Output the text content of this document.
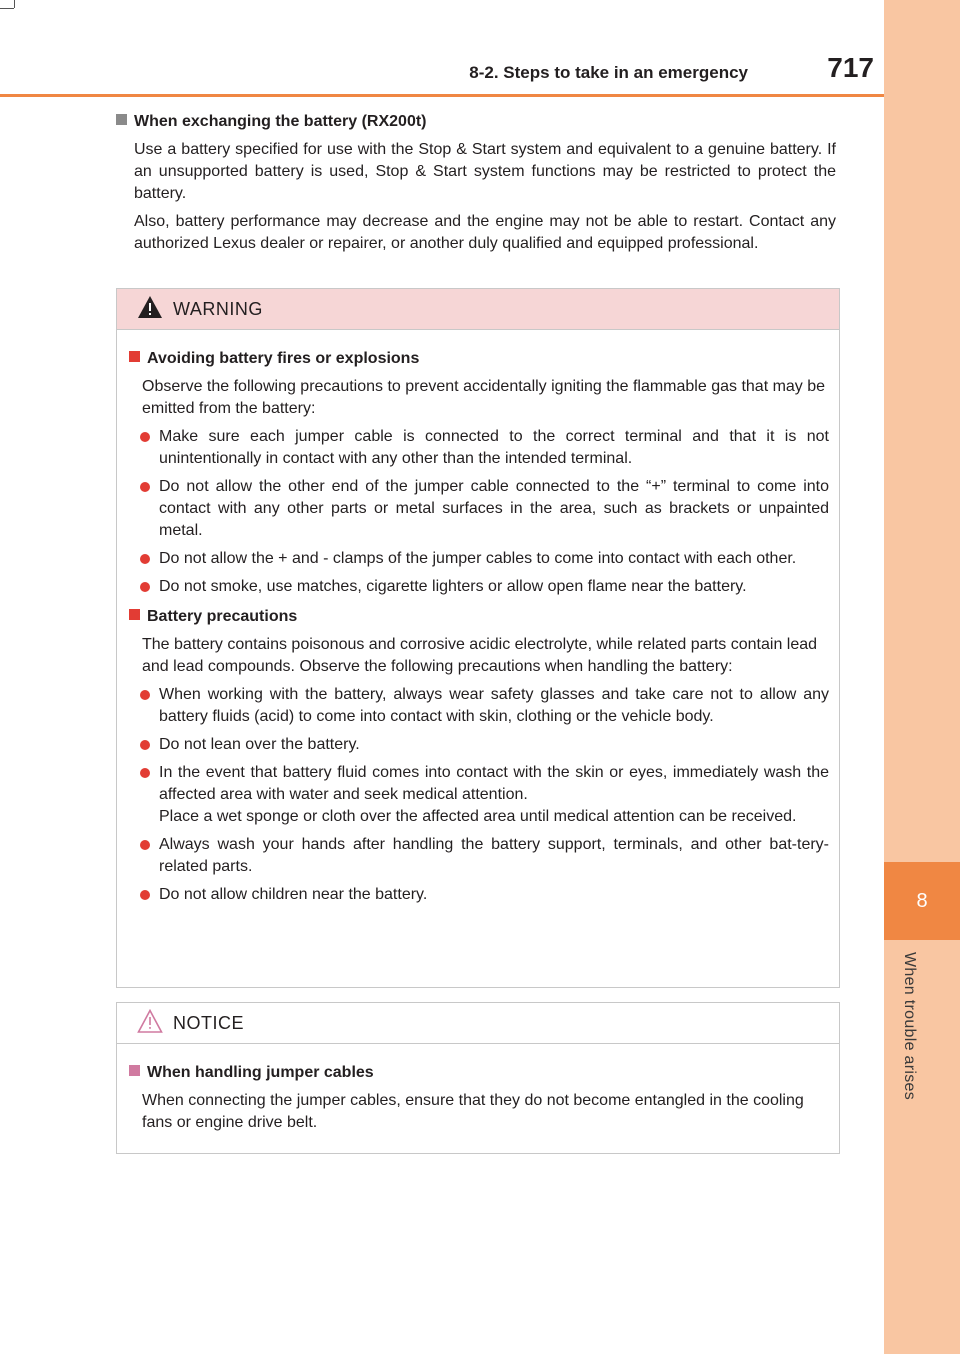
8
When trouble arises
8-2. Steps to take in an emergency	717
When exchanging the battery (RX200t)
Use a battery specified for use with the Stop & Start system and equivalent to a genuine battery. If an unsupported battery is used, Stop & Start system functions may be restricted to protect the battery.
Also, battery performance may decrease and the engine may not be able to restart. Contact any authorized Lexus dealer or repairer, or another duly qualified and equipped professional.
WARNING
Avoiding battery fires or explosions
Observe the following precautions to prevent accidentally igniting the flammable gas that may be emitted from the battery:
Make sure each jumper cable is connected to the correct terminal and that it is not unintentionally in contact with any other than the intended terminal.
Do not allow the other end of the jumper cable connected to the “+” terminal to come into contact with any other parts or metal surfaces in the area, such as brackets or unpainted metal.
Do not allow the + and - clamps of the jumper cables to come into contact with each other.
Do not smoke, use matches, cigarette lighters or allow open flame near the battery.
Battery precautions
The battery contains poisonous and corrosive acidic electrolyte, while related parts contain lead and lead compounds. Observe the following precautions when handling the battery:
When working with the battery, always wear safety glasses and take care not to allow any battery fluids (acid) to come into contact with skin, clothing or the vehicle body.
Do not lean over the battery.
In the event that battery fluid comes into contact with the skin or eyes, immediately wash the affected area with water and seek medical attention.
Place a wet sponge or cloth over the affected area until medical attention can be received.
Always wash your hands after handling the battery support, terminals, and other bat-tery-related parts.
Do not allow children near the battery.
NOTICE
When handling jumper cables
When connecting the jumper cables, ensure that they do not become entangled in the cooling fans or engine drive belt.
